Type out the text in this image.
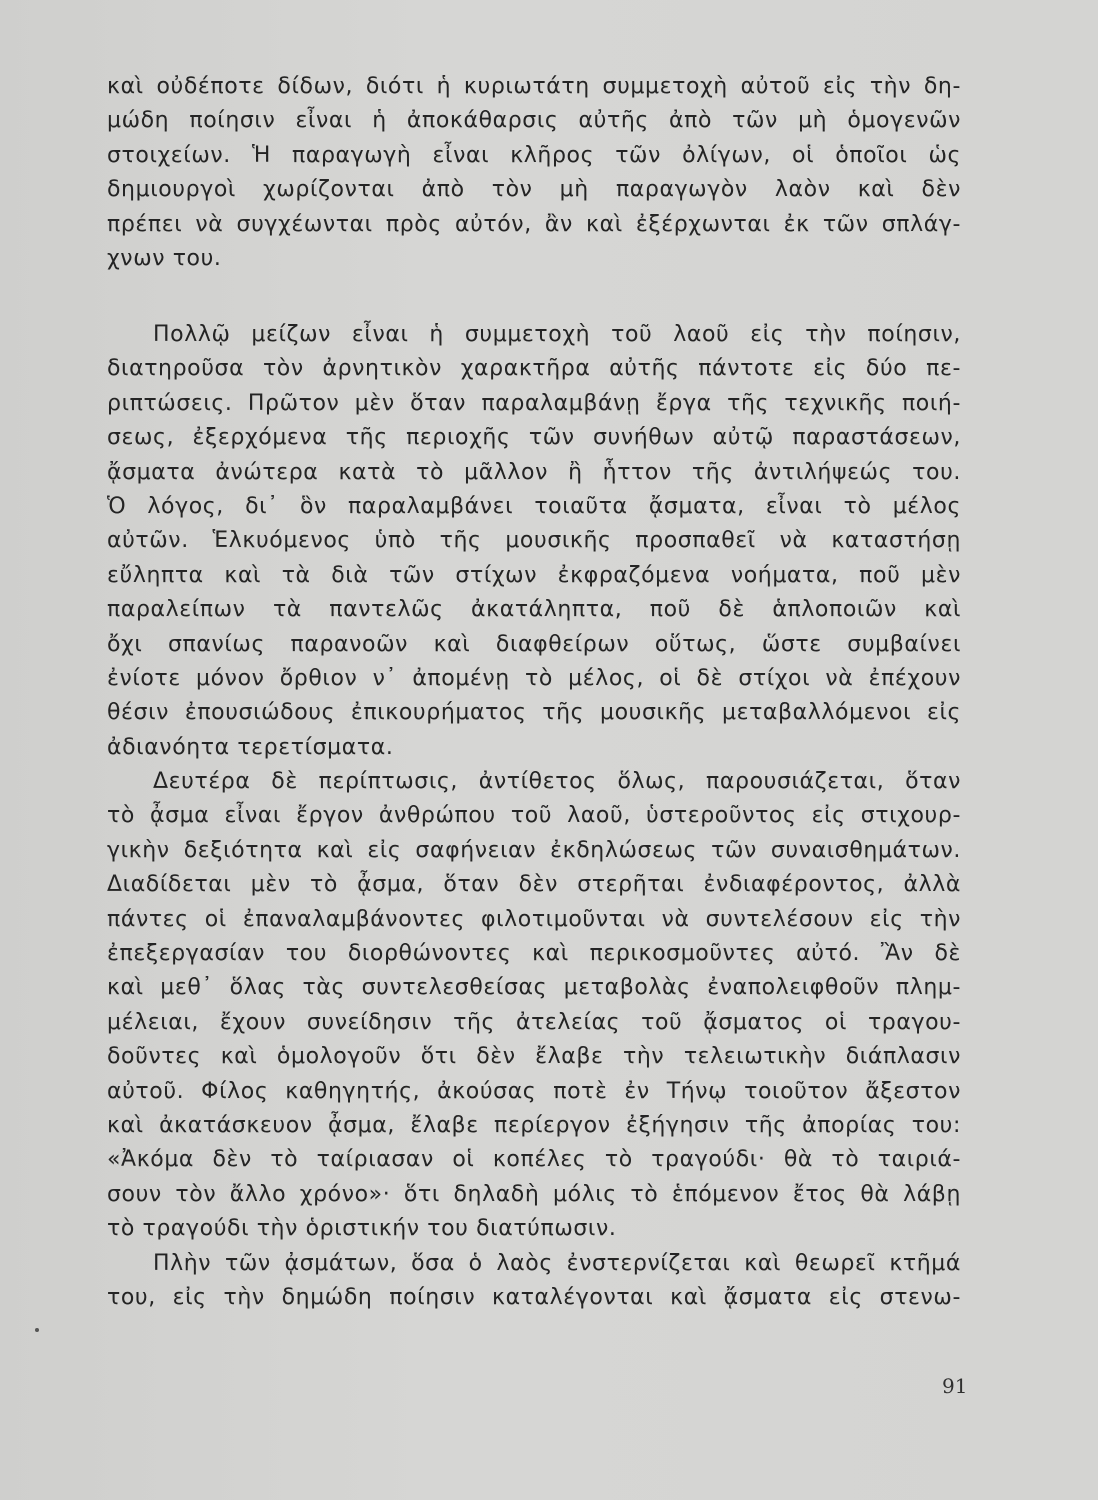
καὶ οὐδέποτε δίδων, διότι ἡ κυριωτάτη συμμετοχὴ αὐτοῦ εἰς τὴν δη-
μώδη ποίησιν εἶναι ἡ ἀποκάθαρσις αὐτῆς ἀπὸ τῶν μὴ ὁμογενῶν
στοιχείων. Ἡ παραγωγὴ εἶναι κλῆρος τῶν ὀλίγων, οἱ ὁποῖοι ὡς
δημιουργοὶ χωρίζονται ἀπὸ τὸν μὴ παραγωγὸν λαὸν καὶ δὲν
πρέπει νὰ συγχέωνται πρὸς αὐτόν, ἂν καὶ ἐξέρχωνται ἐκ τῶν σπλάγ-
χνων του.
Πολλῷ μείζων εἶναι ἡ συμμετοχὴ τοῦ λαοῦ εἰς τὴν ποίησιν,
διατηροῦσα τὸν ἀρνητικὸν χαρακτῆρα αὐτῆς πάντοτε εἰς δύο πε-
ριπτώσεις. Πρῶτον μὲν ὅταν παραλαμβάνῃ ἔργα τῆς τεχνικῆς ποιή-
σεως, ἐξερχόμενα τῆς περιοχῆς τῶν συνήθων αὐτῷ παραστάσεων,
ᾄσματα ἀνώτερα κατὰ τὸ μᾶλλον ἢ ἧττον τῆς ἀντιλήψεώς του.
Ὁ λόγος, δι᾽ ὃν παραλαμβάνει τοιαῦτα ᾄσματα, εἶναι τὸ μέλος
αὐτῶν. Ἑλκυόμενος ὑπὸ τῆς μουσικῆς προσπαθεῖ νὰ καταστήσῃ
εὔληπτα καὶ τὰ διὰ τῶν στίχων ἐκφραζόμενα νοήματα, ποῦ μὲν
παραλείπων τὰ παντελῶς ἀκατάληπτα, ποῦ δὲ ἁπλοποιῶν καὶ
ὄχι σπανίως παρανοῶν καὶ διαφθείρων οὕτως, ὥστε συμβαίνει
ἐνίοτε μόνον ὄρθιον ν᾽ ἀπομένῃ τὸ μέλος, οἱ δὲ στίχοι νὰ ἐπέχουν
θέσιν ἐπουσιώδους ἐπικουρήματος τῆς μουσικῆς μεταβαλλόμενοι εἰς
ἀδιανόητα τερετίσματα.
Δευτέρα δὲ περίπτωσις, ἀντίθετος ὅλως, παρουσιάζεται, ὅταν
τὸ ᾆσμα εἶναι ἔργον ἀνθρώπου τοῦ λαοῦ, ὑστεροῦντος εἰς στιχουρ-
γικὴν δεξιότητα καὶ εἰς σαφήνειαν ἐκδηλώσεως τῶν συναισθημάτων.
Διαδίδεται μὲν τὸ ᾆσμα, ὅταν δὲν στερῆται ἐνδιαφέροντος, ἀλλὰ
πάντες οἱ ἐπαναλαμβάνοντες φιλοτιμοῦνται νὰ συντελέσουν εἰς τὴν
ἐπεξεργασίαν του διορθώνοντες καὶ περικοσμοῦντες αὐτό. Ἂν δὲ
καὶ μεθ᾽ ὅλας τὰς συντελεσθείσας μεταβολὰς ἐναπολειφθοῦν πλημ-
μέλειαι, ἔχουν συνείδησιν τῆς ἀτελείας τοῦ ᾄσματος οἱ τραγου-
δοῦντες καὶ ὁμολογοῦν ὅτι δὲν ἔλαβε τὴν τελειωτικὴν διάπλασιν
αὐτοῦ. Φίλος καθηγητής, ἀκούσας ποτὲ ἐν Τήνῳ τοιοῦτον ἄξεστον
καὶ ἀκατάσκευον ᾆσμα, ἔλαβε περίεργον ἐξήγησιν τῆς ἀπορίας του:
«Ἀκόμα δὲν τὸ ταίριασαν οἱ κοπέλες τὸ τραγούδι· θὰ τὸ ταιριά-
σουν τὸν ἄλλο χρόνο»· ὅτι δηλαδὴ μόλις τὸ ἑπόμενον ἔτος θὰ λάβῃ
τὸ τραγούδι τὴν ὁριστικήν του διατύπωσιν.
Πλὴν τῶν ᾀσμάτων, ὅσα ὁ λαὸς ἐνστερνίζεται καὶ θεωρεῖ κτῆμά
του, εἰς τὴν δημώδη ποίησιν καταλέγονται καὶ ᾄσματα εἰς στενω-
91
